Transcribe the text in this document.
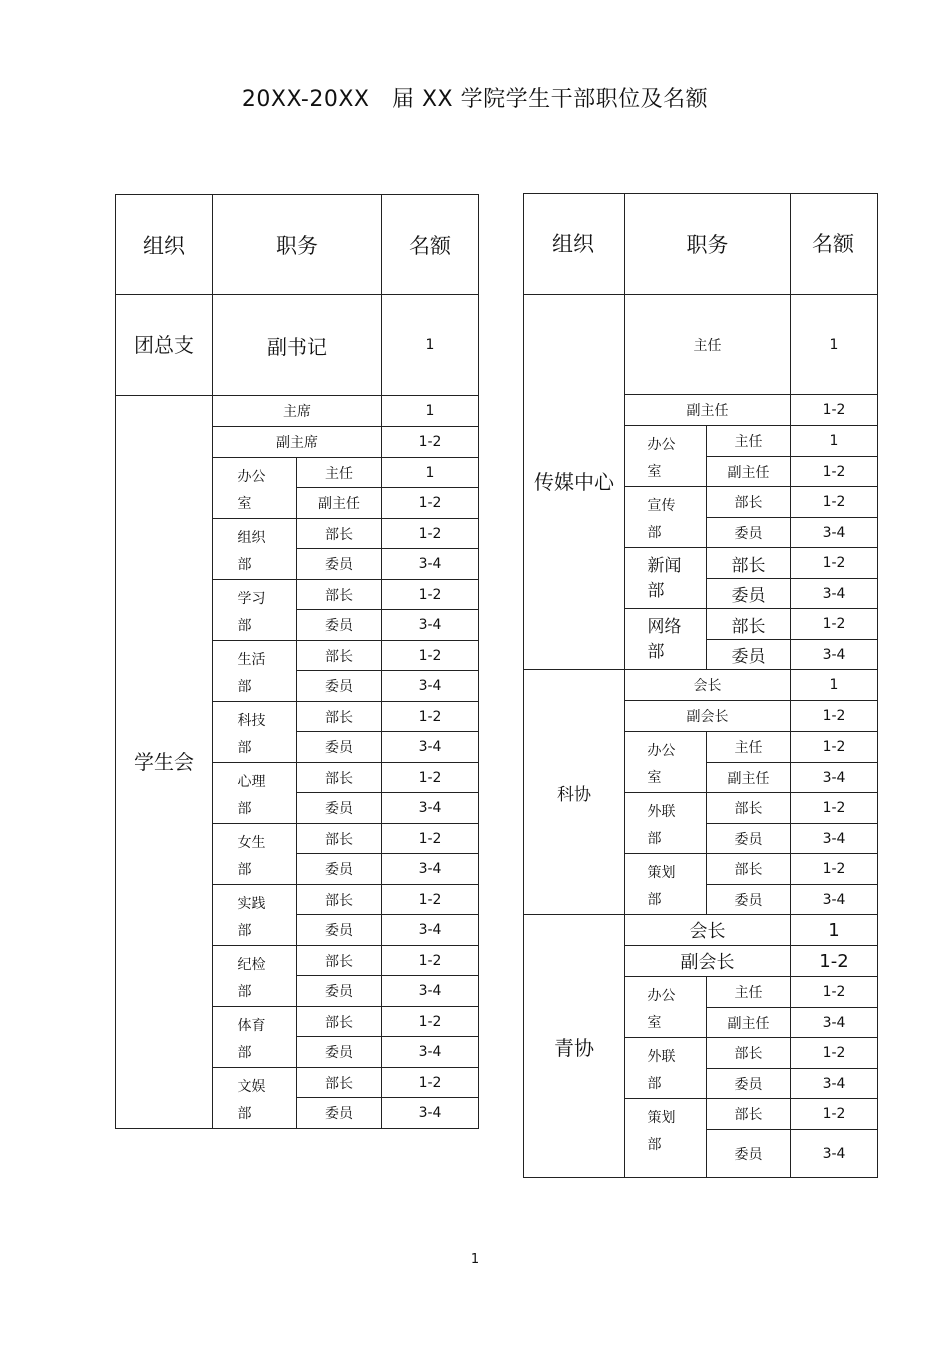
20XX-20XX　届 XX 学院学生干部职位及名额
组织	职务		名额
团总支	副书记		1
学生会	主席		1
	副主席		1-2
	办公室	主任	1
		副主任	1-2
	组织部	部长	1-2
		委员	3-4
	学习部	部长	1-2
		委员	3-4
	生活部	部长	1-2
		委员	3-4
	科技部	部长	1-2
		委员	3-4
	心理部	部长	1-2
		委员	3-4
	女生部	部长	1-2
		委员	3-4
	实践部	部长	1-2
		委员	3-4
	纪检部	部长	1-2
		委员	3-4
	体育部	部长	1-2
		委员	3-4
	文娱部	部长	1-2
		委员	3-4
组织	职务		名额
传媒中心	主任		1
	副主任		1-2
	办公室	主任	1
		副主任	1-2
	宣传部	部长	1-2
		委员	3-4
	新闻部	部长	1-2
		委员	3-4
	网络部	部长	1-2
		委员	3-4
科协	会长		1
	副会长		1-2
	办公室	主任	1-2
		副主任	3-4
	外联部	部长	1-2
		委员	3-4
	策划部	部长	1-2
		委员	3-4
青协	会长		1
	副会长		1-2
	办公室	主任	1-2
		副主任	3-4
	外联部	部长	1-2
		委员	3-4
	策划部	部长	1-2
		委员	3-4
1
